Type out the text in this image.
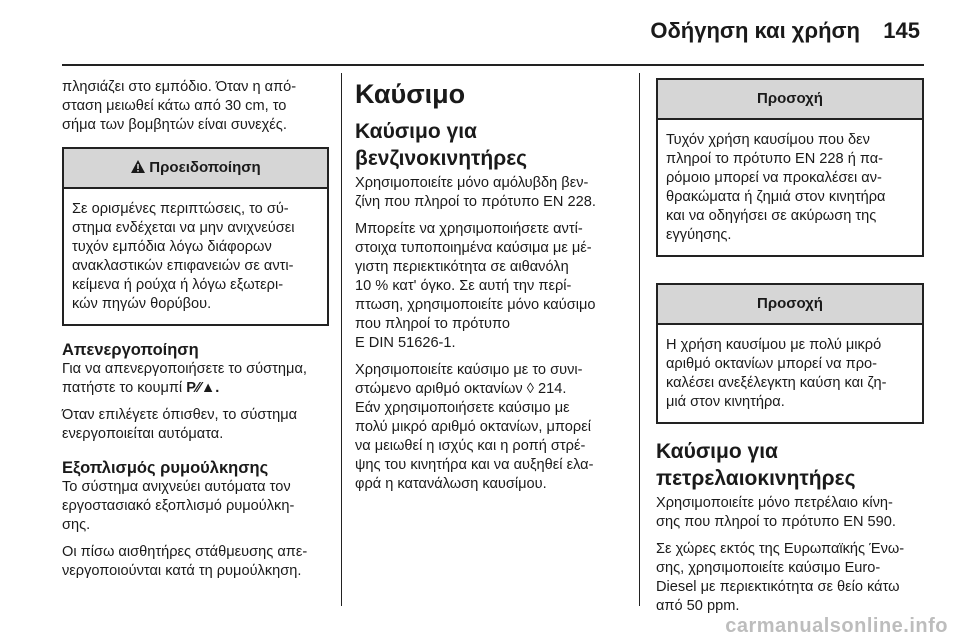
Οδήγηση και χρήση 145
πλησιάζει στο εμπόδιο. Όταν η από-
σταση μειωθεί κάτω από 30 cm, το
σήμα των βομβητών είναι συνεχές.
Προειδοποίηση
Σε ορισμένες περιπτώσεις, το σύ-
στημα ενδέχεται να μην ανιχνεύσει
τυχόν εμπόδια λόγω διάφορων
ανακλαστικών επιφανειών σε αντι-
κείμενα ή ρούχα ή λόγω εξωτερι-
κών πηγών θορύβου.
Απενεργοποίηση
Για να απενεργοποιήσετε το σύστημα,
πατήστε το κουμπί P⁄⁄▲.
Όταν επιλέγετε όπισθεν, το σύστημα
ενεργοποιείται αυτόματα.
Εξοπλισμός ρυμούλκησης
Το σύστημα ανιχνεύει αυτόματα τον
εργοστασιακό εξοπλισμό ρυμούλκη-
σης.
Οι πίσω αισθητήρες στάθμευσης απε-
νεργοποιούνται κατά τη ρυμούλκηση.
Καύσιμο
Καύσιμο για
βενζινοκινητήρες
Χρησιμοποιείτε μόνο αμόλυβδη βεν-
ζίνη που πληροί το πρότυπο EN 228.
Μπορείτε να χρησιμοποιήσετε αντί-
στοιχα τυποποιημένα καύσιμα με μέ-
γιστη περιεκτικότητα σε αιθανόλη
10 % κατ' όγκο. Σε αυτή την περί-
πτωση, χρησιμοποιείτε μόνο καύσιμο
που πληροί το πρότυπο
E DIN 51626-1.
Χρησιμοποιείτε καύσιμο με το συνι-
στώμενο αριθμό οκτανίων ◊ 214.
Εάν χρησιμοποιήσετε καύσιμο με
πολύ μικρό αριθμό οκτανίων, μπορεί
να μειωθεί η ισχύς και η ροπή στρέ-
ψης του κινητήρα και να αυξηθεί ελα-
φρά η κατανάλωση καυσίμου.
Προσοχή
Τυχόν χρήση καυσίμου που δεν
πληροί το πρότυπο EN 228 ή πα-
ρόμοιο μπορεί να προκαλέσει αν-
θρακώματα ή ζημιά στον κινητήρα
και να οδηγήσει σε ακύρωση της
εγγύησης.
Προσοχή
Η χρήση καυσίμου με πολύ μικρό
αριθμό οκτανίων μπορεί να προ-
καλέσει ανεξέλεγκτη καύση και ζη-
μιά στον κινητήρα.
Καύσιμο για
πετρελαιοκινητήρες
Χρησιμοποιείτε μόνο πετρέλαιο κίνη-
σης που πληροί το πρότυπο EN 590.
Σε χώρες εκτός της Ευρωπαϊκής Ένω-
σης, χρησιμοποιείτε καύσιμο Euro-
Diesel με περιεκτικότητα σε θείο κάτω
από 50 ppm.
carmanualsonline.info
